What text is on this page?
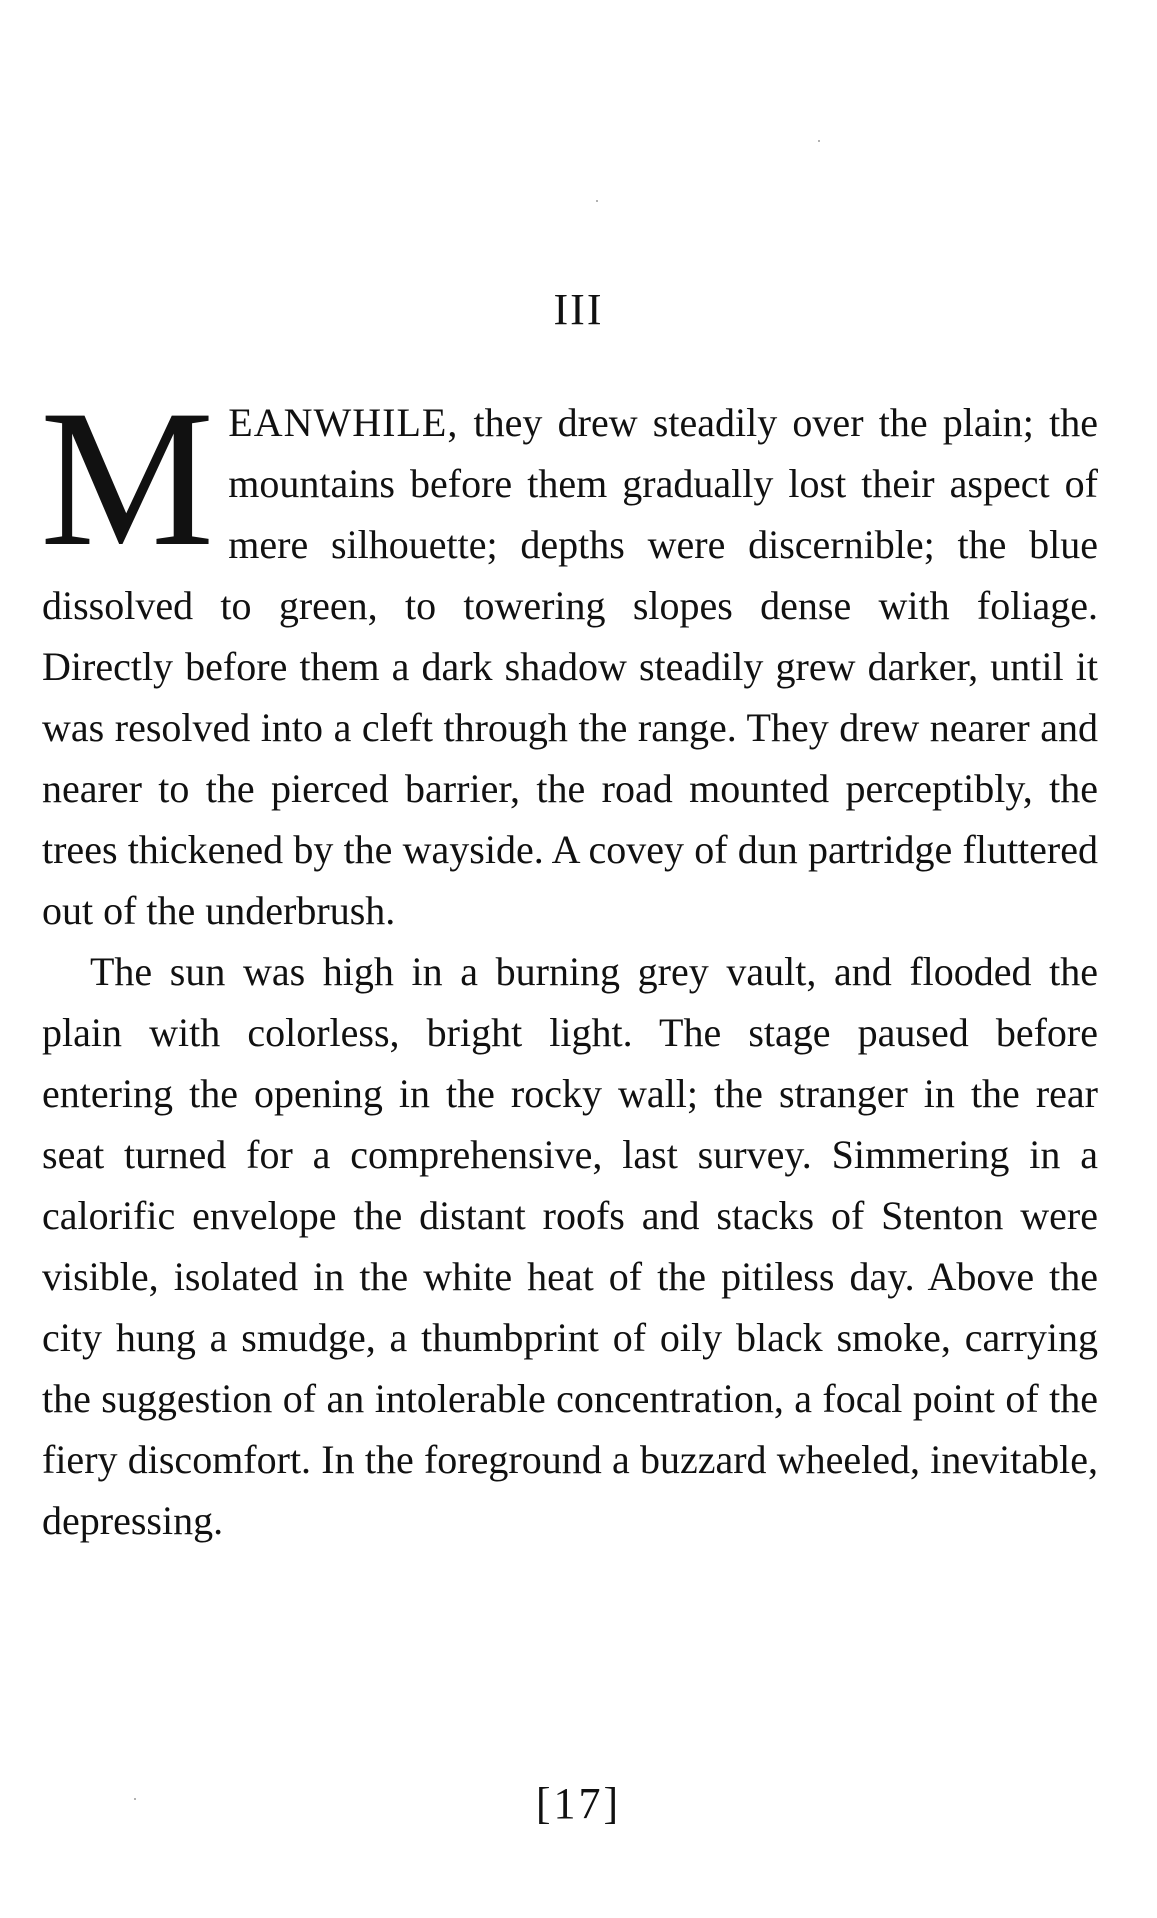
III

MEANWHILE, they drew steadily over the plain; the mountains before them gradually lost their aspect of mere silhouette; depths were discernible; the blue dissolved to green, to towering slopes dense with foliage. Directly before them a dark shadow steadily grew darker, until it was resolved into a cleft through the range. They drew nearer and nearer to the pierced barrier, the road mounted perceptibly, the trees thickened by the wayside. A covey of dun partridge fluttered out of the underbrush.

The sun was high in a burning grey vault, and flooded the plain with colorless, bright light. The stage paused before entering the opening in the rocky wall; the stranger in the rear seat turned for a comprehensive, last survey. Simmering in a calorific envelope the distant roofs and stacks of Stenton were visible, isolated in the white heat of the pitiless day. Above the city hung a smudge, a thumbprint of oily black smoke, carrying the suggestion of an intolerable concentration, a focal point of the fiery discomfort. In the foreground a buzzard wheeled, inevitable, depressing.

[17]
